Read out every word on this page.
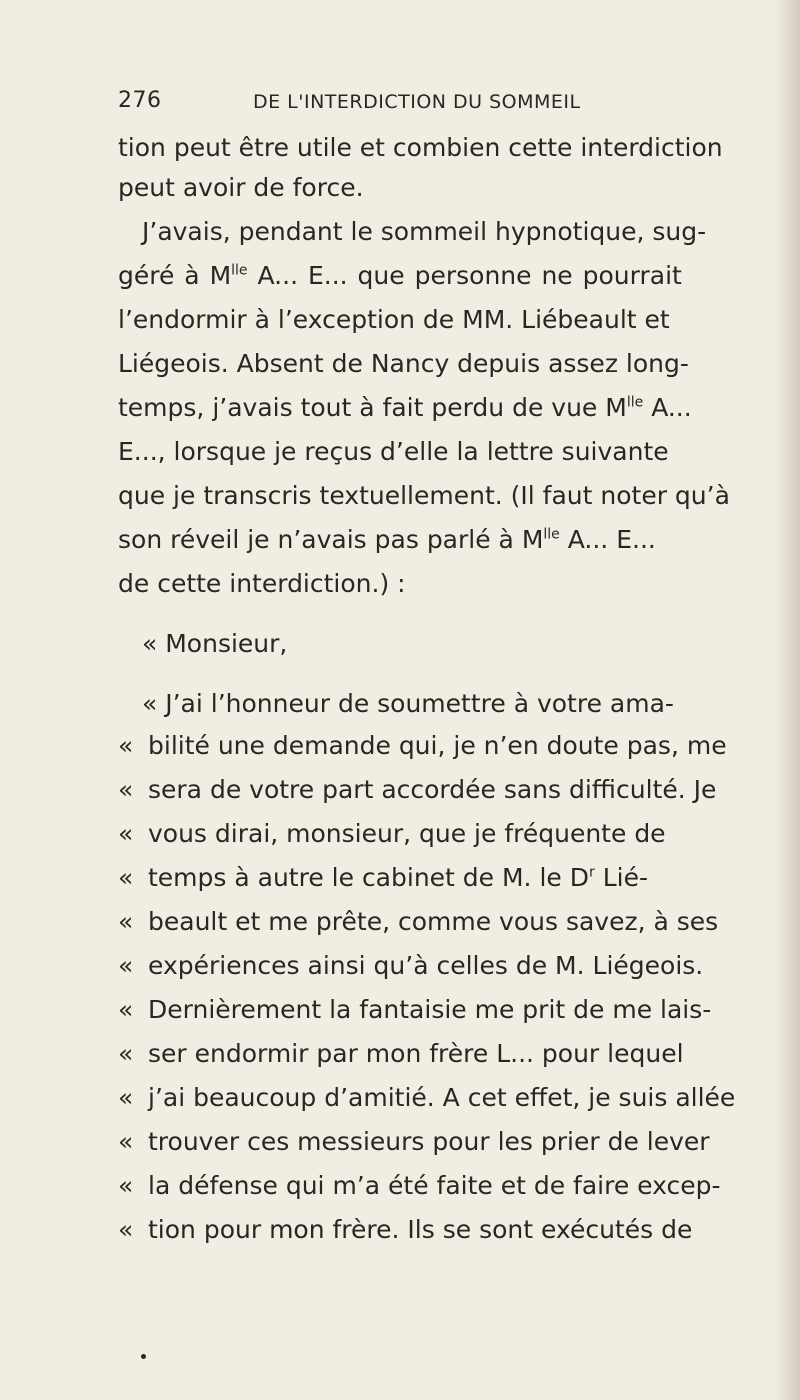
276	DE L'INTERDICTION DU SOMMEIL
tion peut être utile et combien cette interdiction
peut avoir de force.
J’avais, pendant le sommeil hypnotique, sug-
géré à $M^{lle}$ A... E... que personne ne pourrait
l’endormir à l’exception de MM. Liébeault et
Liégeois. Absent de Nancy depuis assez long-
temps, j’avais tout à fait perdu de vue $M^{lle}$ A...
E..., lorsque je reçus d’elle la lettre suivante
que je transcris textuellement. (Il faut noter qu’à
son réveil je n’avais pas parlé à $M^{lle}$ A... E...
de cette interdiction.) :
« Monsieur,
« J’ai l’honneur de soumettre à votre ama-
« bilité une demande qui, je n’en doute pas, me
« sera de votre part accordée sans difficulté. Je
« vous dirai, monsieur, que je fréquente de
« temps à autre le cabinet de M. le $D^r$ Lié-
« beault et me prête, comme vous savez, à ses
« expériences ainsi qu’à celles de M. Liégeois.
« Dernièrement la fantaisie me prit de me lais-
« ser endormir par mon frère L... pour lequel
« j’ai beaucoup d’amitié. A cet effet, je suis allée
« trouver ces messieurs pour les prier de lever
« la défense qui m’a été faite et de faire excep-
« tion pour mon frère. Ils se sont exécutés de
